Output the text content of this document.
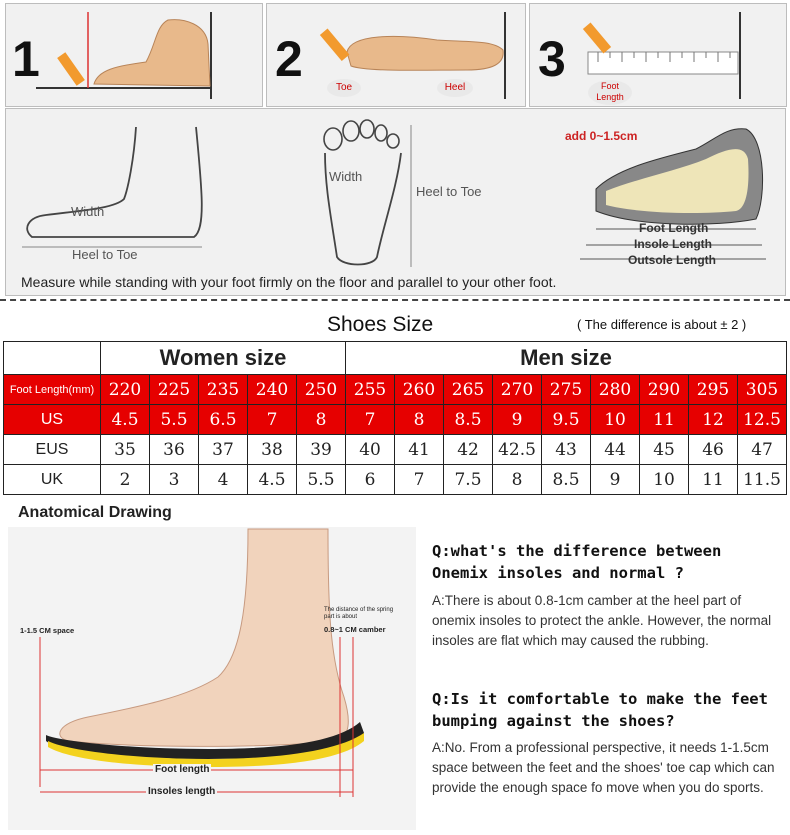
1	2
Toe	Heel
3	Foot Length
Width
Heel to Toe
Width
Heel to Toe
add 0~1.5cm
Foot Length
Insole Length
Outsole Length
Measure while standing with your foot firmly on the floor and parallel to your other foot.
Shoes Size	( The difference is about ± 2 )
	Women size					Men size								
Foot Length(mm)	220	225	235	240	250	255	260	265	270	275	280	290	295	305
US	4.5	5.5	6.5	7	8	7	8	8.5	9	9.5	10	11	12	12.5
EUS	35	36	37	38	39	40	41	42	42.5	43	44	45	46	47
UK	2	3	4	4.5	5.5	6	7	7.5	8	8.5	9	10	11	11.5
Anatomical Drawing
1-1.5 CM space
The distance of the spring part is about
0.8~1 CM camber
Foot length
Insoles length
Q:what's the difference between Onemix insoles and normal ?
A:There is about 0.8-1cm camber at the heel part of onemix insoles to protect the ankle. However, the normal insoles are flat which may caused the rubbing.
Q:Is it comfortable to make the feet bumping against the shoes?
A:No. From a professional perspective, it needs 1-1.5cm space between the feet and the shoes' toe cap which can provide the enough space fo move when you do sports.
